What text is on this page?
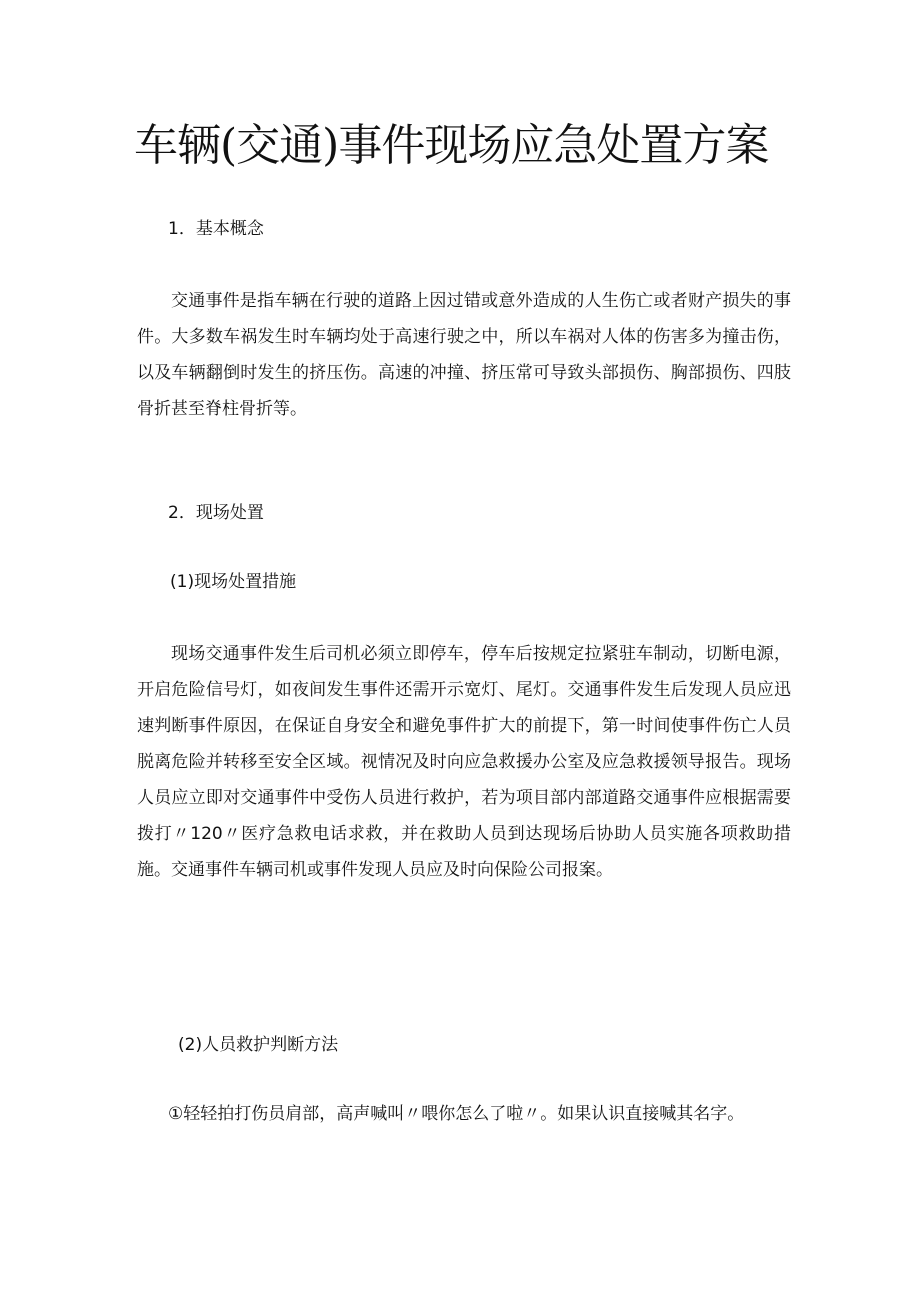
车辆(交通)事件现场应急处置方案

1．基本概念

交通事件是指车辆在行驶的道路上因过错或意外造成的人生伤亡或者财产损失的事件。大多数车祸发生时车辆均处于高速行驶之中，所以车祸对人体的伤害多为撞击伤，以及车辆翻倒时发生的挤压伤。高速的冲撞、挤压常可导致头部损伤、胸部损伤、四肢骨折甚至脊柱骨折等。

2．现场处置

(1)现场处置措施

现场交通事件发生后司机必须立即停车，停车后按规定拉紧驻车制动，切断电源，开启危险信号灯，如夜间发生事件还需开示宽灯、尾灯。交通事件发生后发现人员应迅速判断事件原因，在保证自身安全和避免事件扩大的前提下，第一时间使事件伤亡人员脱离危险并转移至安全区域。视情况及时向应急救援办公室及应急救援领导报告。现场人员应立即对交通事件中受伤人员进行救护，若为项目部内部道路交通事件应根据需要拨打〃120〃医疗急救电话求救，并在救助人员到达现场后协助人员实施各项救助措施。交通事件车辆司机或事件发现人员应及时向保险公司报案。

(2)人员救护判断方法

①轻轻拍打伤员肩部，高声喊叫〃喂你怎么了啦〃。如果认识直接喊其名字。
